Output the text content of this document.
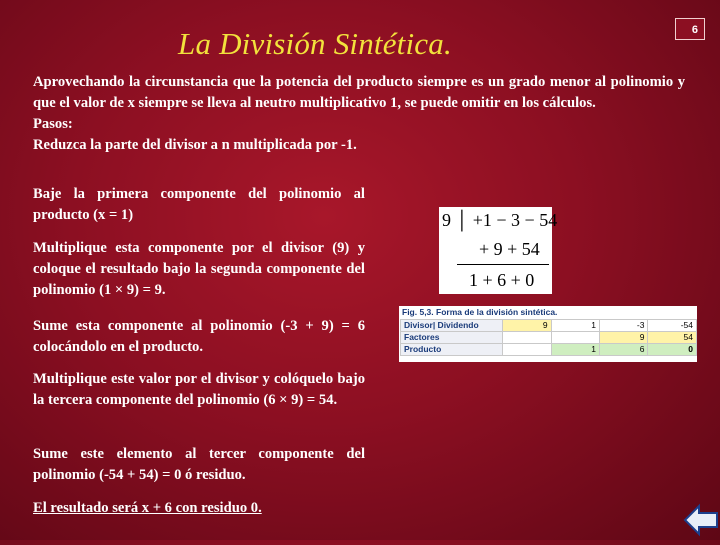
La División Sintética.	6

Aprovechando la circunstancia que la potencia del producto siempre es un grado menor al polinomio y que el valor de x siempre se lleva al neutro multiplicativo 1, se puede omitir en los cálculos.

Pasos:

Reduzca la parte del divisor a n multiplicada por -1.

Baje la primera componente del polinomio al producto (x = 1)
Multiplique esta componente por el divisor (9) y coloque el resultado bajo la segunda componente del polinomio (1 × 9) = 9.
Sume esta componente al polinomio (-3 + 9) = 6 colocándolo en el producto.
Multiplique este valor por el divisor y colóquelo bajo la tercera componente del polinomio (6 × 9) = 54.
Sume este elemento al tercer componente del polinomio (-54 + 54) = 0 ó residuo.
El resultado será x + 6 con residuo 0.
9 │ +1 − 3 − 54
+ 9 + 54
1 + 6 + 0
Fig. 5,3. Forma de la división sintética.
Divisor| Dividendo	9	1	-3	-54
Factores			9	54
Producto		1	6	0
